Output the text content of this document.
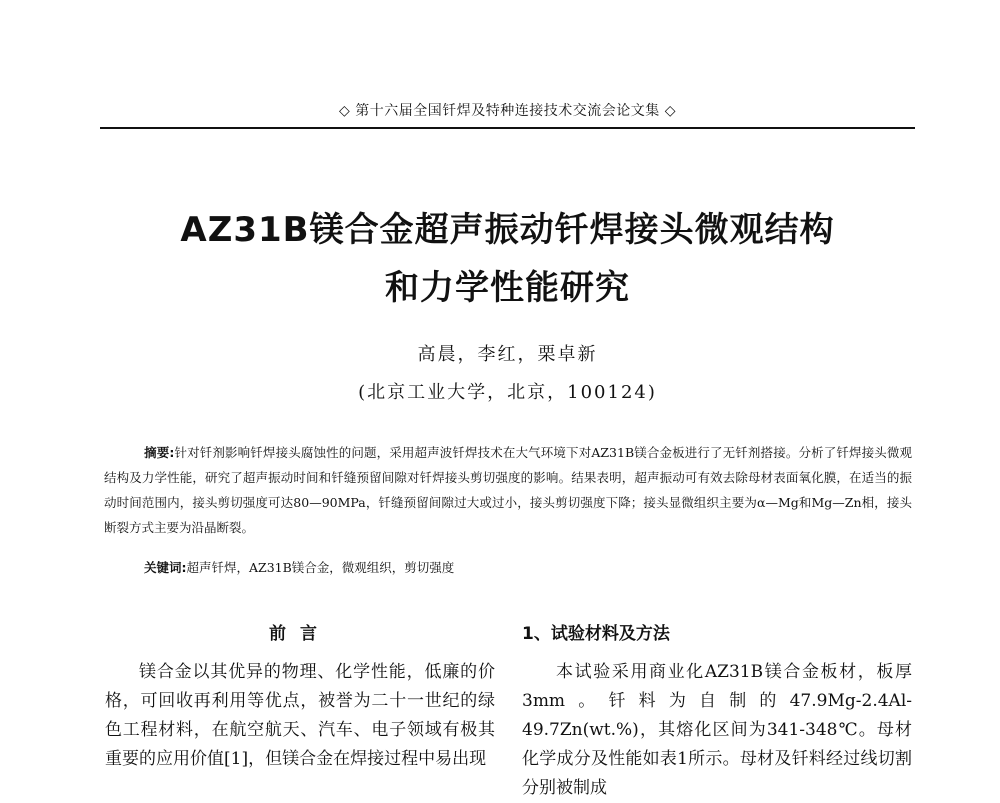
◇ 第十六届全国钎焊及特种连接技术交流会论文集 ◇
AZ31B镁合金超声振动钎焊接头微观结构
和力学性能研究
高晨，李红，栗卓新
(北京工业大学，北京，100124)
摘要:针对钎剂影响钎焊接头腐蚀性的问题，采用超声波钎焊技术在大气环境下对AZ31B镁合金板进行了无钎剂搭接。分析了钎焊接头微观结构及力学性能，研究了超声振动时间和钎缝预留间隙对钎焊接头剪切强度的影响。结果表明，超声振动可有效去除母材表面氧化膜，在适当的振动时间范围内，接头剪切强度可达80—90MPa，钎缝预留间隙过大或过小，接头剪切强度下降；接头显微组织主要为α—Mg和Mg—Zn相，接头断裂方式主要为沿晶断裂。
关键词:超声钎焊，AZ31B镁合金，微观组织，剪切强度
前言
镁合金以其优异的物理、化学性能，低廉的价格，可回收再利用等优点，被誉为二十一世纪的绿色工程材料，在航空航天、汽车、电子领域有极其重要的应用价值[1]，但镁合金在焊接过程中易出现
1、试验材料及方法
本试验采用商业化AZ31B镁合金板材，板厚3mm。钎料为自制的47.9Mg-2.4Al-49.7Zn(wt.%)，其熔化区间为341-348℃。母材化学成分及性能如表1所示。母材及钎料经过线切割分别被制成
